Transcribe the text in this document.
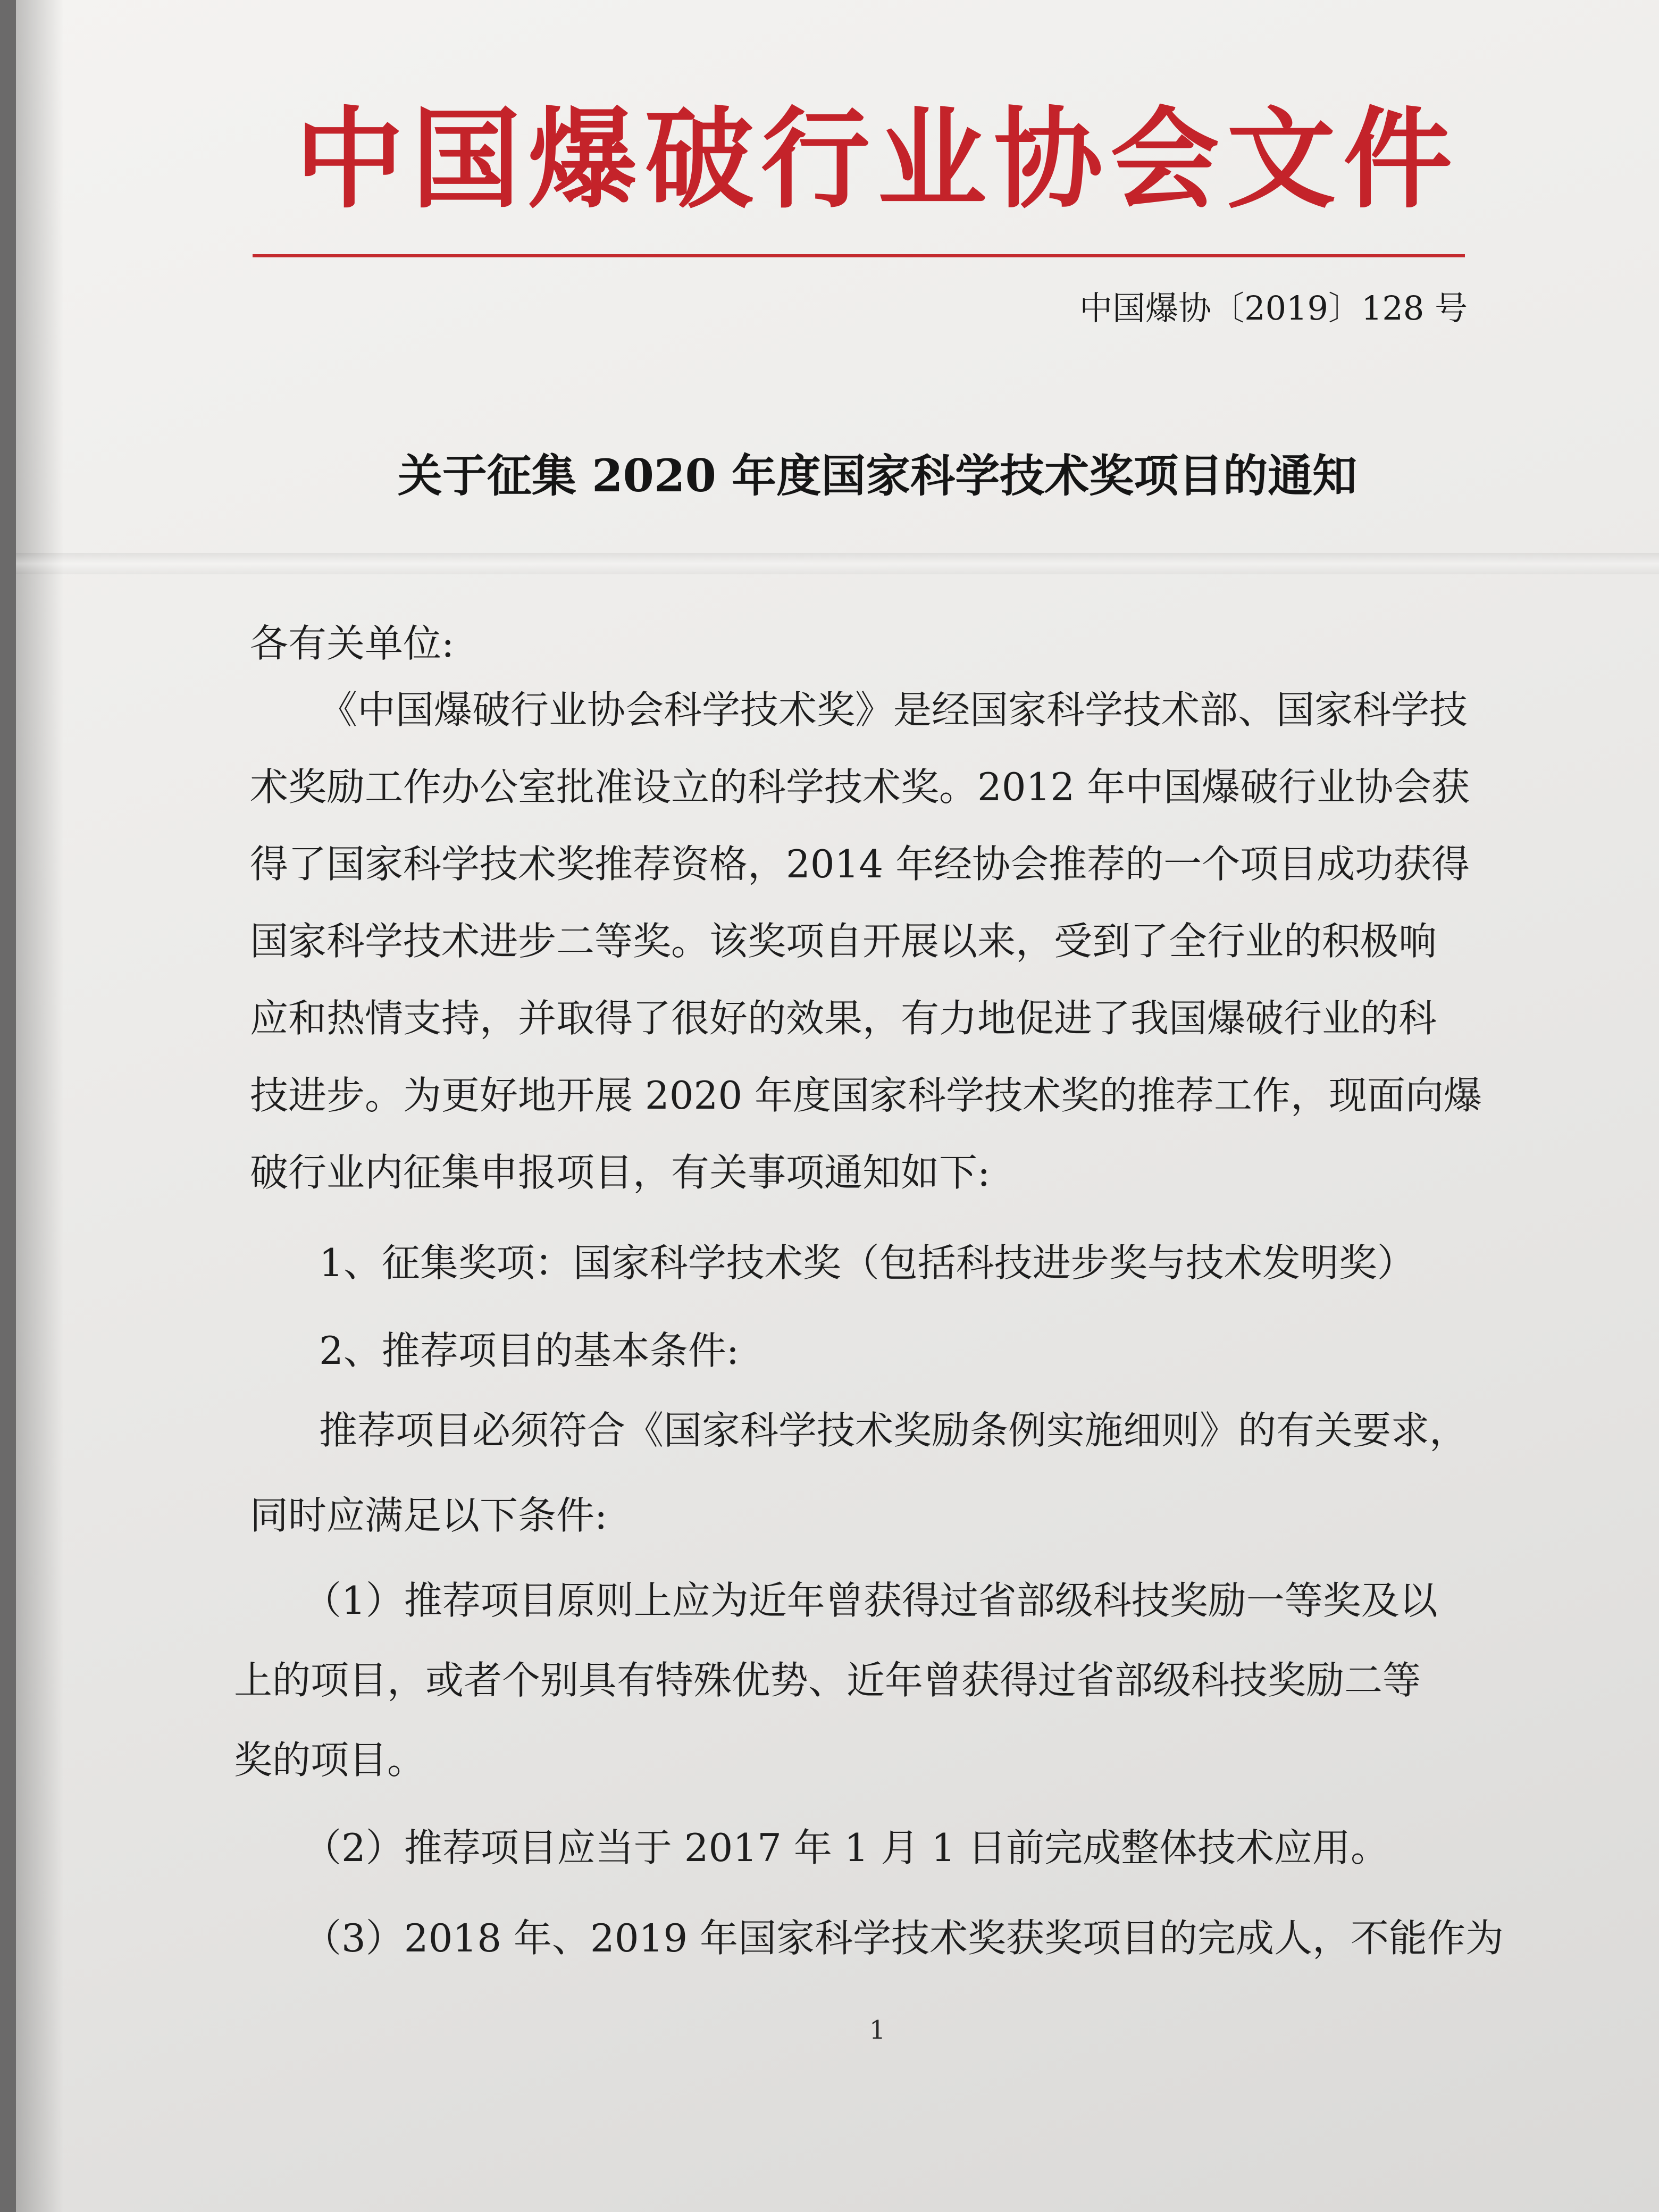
中国爆破行业协会文件
中国爆协〔2019〕128 号
关于征集 2020 年度国家科学技术奖项目的通知
各有关单位:
《中国爆破行业协会科学技术奖》是经国家科学技术部、国家科学技
术奖励工作办公室批准设立的科学技术奖。2012 年中国爆破行业协会获
得了国家科学技术奖推荐资格，2014 年经协会推荐的一个项目成功获得
国家科学技术进步二等奖。该奖项自开展以来，受到了全行业的积极响
应和热情支持，并取得了很好的效果，有力地促进了我国爆破行业的科
技进步。为更好地开展 2020 年度国家科学技术奖的推荐工作，现面向爆
破行业内征集申报项目，有关事项通知如下:
1、征集奖项：国家科学技术奖（包括科技进步奖与技术发明奖）
2、推荐项目的基本条件:
推荐项目必须符合《国家科学技术奖励条例实施细则》的有关要求，
同时应满足以下条件:
（1）推荐项目原则上应为近年曾获得过省部级科技奖励一等奖及以
上的项目，或者个别具有特殊优势、近年曾获得过省部级科技奖励二等
奖的项目。
（2）推荐项目应当于 2017 年 1 月 1 日前完成整体技术应用。
（3）2018 年、2019 年国家科学技术奖获奖项目的完成人，不能作为
1
